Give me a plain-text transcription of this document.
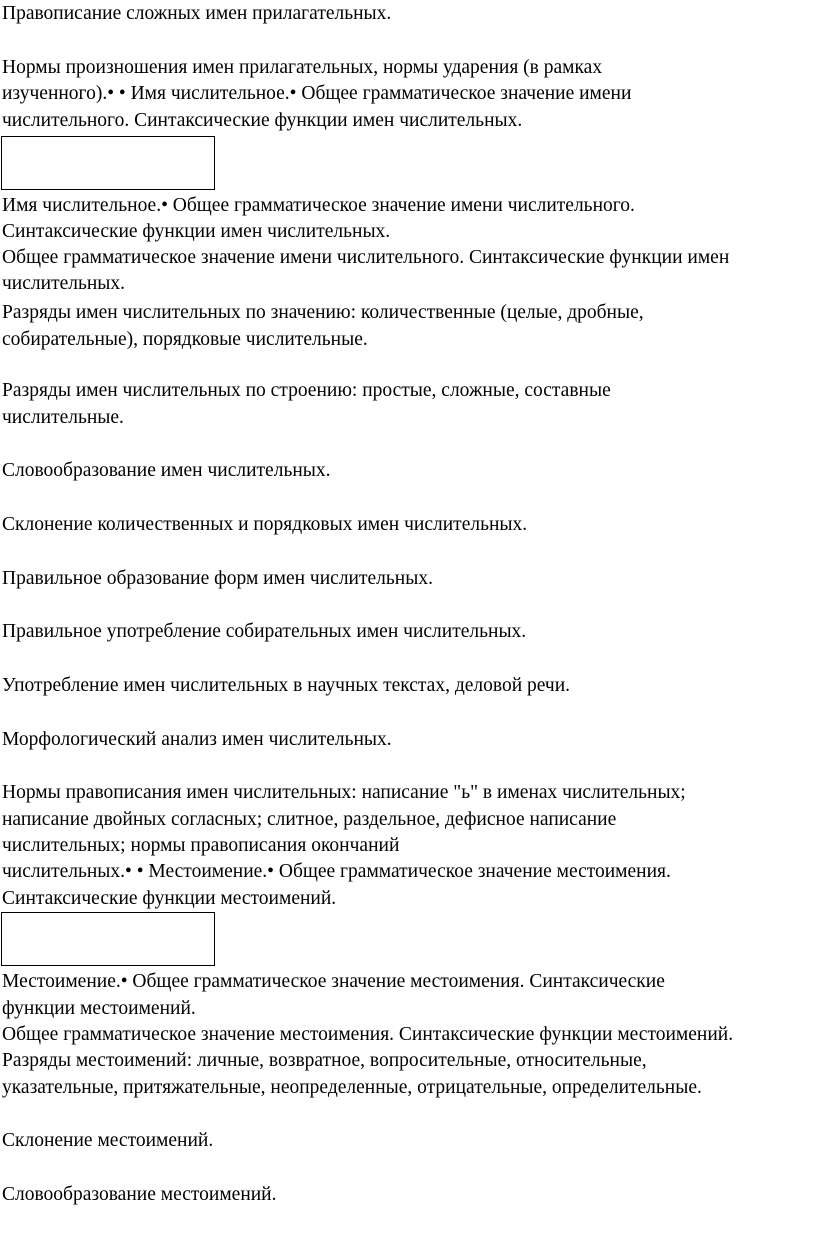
Правописание сложных имен прилагательных.
Нормы произношения имен прилагательных, нормы ударения (в рамках
изученного).• • Имя числительное.• Общее грамматическое значение имени
числительного. Синтаксические функции имен числительных.
Имя числительное.• Общее грамматическое значение имени числительного.
Синтаксические функции имен числительных.
Общее грамматическое значение имени числительного. Синтаксические функции имен
числительных.
Разряды имен числительных по значению: количественные (целые, дробные,
собирательные), порядковые числительные.
Разряды имен числительных по строению: простые, сложные, составные
числительные.
Словообразование имен числительных.
Склонение количественных и порядковых имен числительных.
Правильное образование форм имен числительных.
Правильное употребление собирательных имен числительных.
Употребление имен числительных в научных текстах, деловой речи.
Морфологический анализ имен числительных.
Нормы правописания имен числительных: написание "ь" в именах числительных;
написание двойных согласных; слитное, раздельное, дефисное написание
числительных; нормы правописания окончаний
числительных.• • Местоимение.• Общее грамматическое значение местоимения.
Синтаксические функции местоимений.
Местоимение.• Общее грамматическое значение местоимения. Синтаксические
функции местоимений.
Общее грамматическое значение местоимения. Синтаксические функции местоимений.
Разряды местоимений: личные, возвратное, вопросительные, относительные,
указательные, притяжательные, неопределенные, отрицательные, определительные.
Склонение местоимений.
Словообразование местоимений.
